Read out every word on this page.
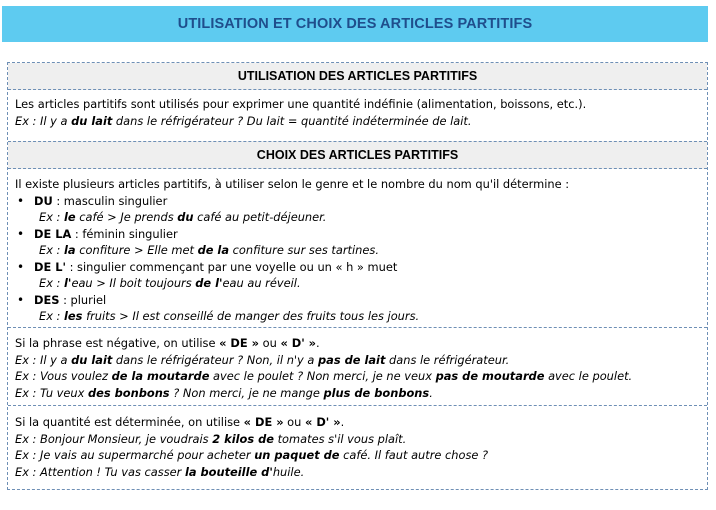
UTILISATION ET CHOIX DES ARTICLES PARTITIFS
UTILISATION DES ARTICLES PARTITIFS
Les articles partitifs sont utilisés pour exprimer une quantité indéfinie (alimentation, boissons, etc.).
Ex : Il y a du lait dans le réfrigérateur ? Du lait = quantité indéterminée de lait.
CHOIX DES ARTICLES PARTITIFS
Il existe plusieurs articles partitifs, à utiliser selon le genre et le nombre du nom qu'il détermine :
• DU : masculin singulier
Ex : le café > Je prends du café au petit-déjeuner.
• DE LA : féminin singulier
Ex : la confiture > Elle met de la confiture sur ses tartines.
• DE L' : singulier commençant par une voyelle ou un « h » muet
Ex : l'eau > Il boit toujours de l'eau au réveil.
• DES : pluriel
Ex : les fruits > Il est conseillé de manger des fruits tous les jours.
Si la phrase est négative, on utilise « DE » ou « D' ».
Ex : Il y a du lait dans le réfrigérateur ? Non, il n'y a pas de lait dans le réfrigérateur.
Ex : Vous voulez de la moutarde avec le poulet ? Non merci, je ne veux pas de moutarde avec le poulet.
Ex : Tu veux des bonbons ? Non merci, je ne mange plus de bonbons.
Si la quantité est déterminée, on utilise « DE » ou « D' ».
Ex : Bonjour Monsieur, je voudrais 2 kilos de tomates s'il vous plaît.
Ex : Je vais au supermarché pour acheter un paquet de café. Il faut autre chose ?
Ex : Attention ! Tu vas casser la bouteille d'huile.
